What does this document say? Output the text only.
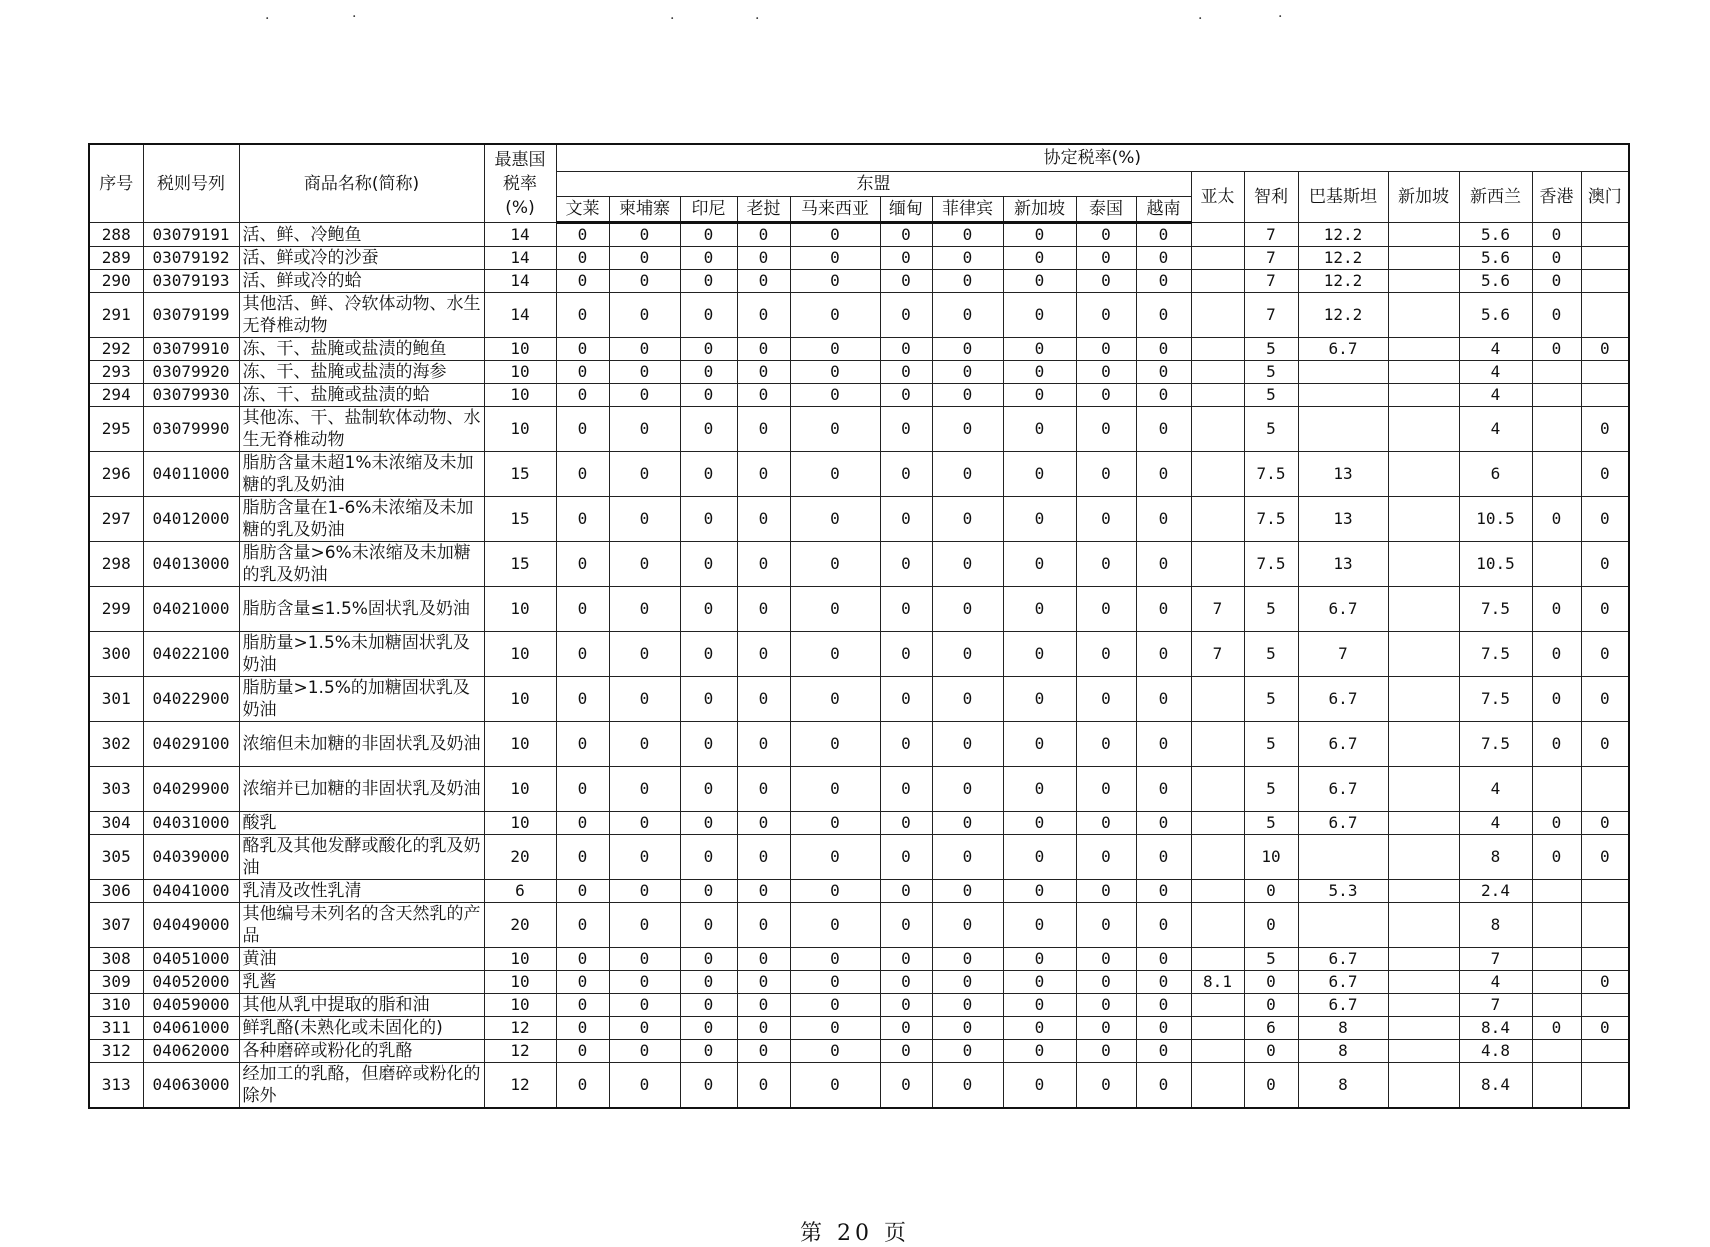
·	·	·	·	·	·
序号	税则号列	商品名称(简称)	最惠国
税率
(%)	协定税率(%)																
				东盟										亚太	智利	巴基斯坦	新加坡	新西兰	香港	澳门
				文莱	柬埔寨	印尼	老挝	马来西亚	缅甸	菲律宾	新加坡	泰国	越南							
288	03079191	活、鲜、冷鲍鱼	14	0	0	0	0	0	0	0	0	0	0		7	12.2		5.6	0	
289	03079192	活、鲜或冷的沙蚕	14	0	0	0	0	0	0	0	0	0	0		7	12.2		5.6	0	
290	03079193	活、鲜或冷的蛤	14	0	0	0	0	0	0	0	0	0	0		7	12.2		5.6	0	
291	03079199	其他活、鲜、冷软体动物、水生无脊椎动物	14	0	0	0	0	0	0	0	0	0	0		7	12.2		5.6	0	
292	03079910	冻、干、盐腌或盐渍的鲍鱼	10	0	0	0	0	0	0	0	0	0	0		5	6.7		4	0	0
293	03079920	冻、干、盐腌或盐渍的海参	10	0	0	0	0	0	0	0	0	0	0		5			4		
294	03079930	冻、干、盐腌或盐渍的蛤	10	0	0	0	0	0	0	0	0	0	0		5			4		
295	03079990	其他冻、干、盐制软体动物、水生无脊椎动物	10	0	0	0	0	0	0	0	0	0	0		5			4		0
296	04011000	脂肪含量未超1%未浓缩及未加糖的乳及奶油	15	0	0	0	0	0	0	0	0	0	0		7.5	13		6		0
297	04012000	脂肪含量在1-6%未浓缩及未加糖的乳及奶油	15	0	0	0	0	0	0	0	0	0	0		7.5	13		10.5	0	0
298	04013000	脂肪含量>6%未浓缩及未加糖的乳及奶油	15	0	0	0	0	0	0	0	0	0	0		7.5	13		10.5		0
299	04021000	脂肪含量≤1.5%固状乳及奶油	10	0	0	0	0	0	0	0	0	0	0	7	5	6.7		7.5	0	0
300	04022100	脂肪量>1.5%未加糖固状乳及奶油	10	0	0	0	0	0	0	0	0	0	0	7	5	7		7.5	0	0
301	04022900	脂肪量>1.5%的加糖固状乳及奶油	10	0	0	0	0	0	0	0	0	0	0		5	6.7		7.5	0	0
302	04029100	浓缩但未加糖的非固状乳及奶油	10	0	0	0	0	0	0	0	0	0	0		5	6.7		7.5	0	0
303	04029900	浓缩并已加糖的非固状乳及奶油	10	0	0	0	0	0	0	0	0	0	0		5	6.7		4		
304	04031000	酸乳	10	0	0	0	0	0	0	0	0	0	0		5	6.7		4	0	0
305	04039000	酪乳及其他发酵或酸化的乳及奶油	20	0	0	0	0	0	0	0	0	0	0		10			8	0	0
306	04041000	乳清及改性乳清	6	0	0	0	0	0	0	0	0	0	0		0	5.3		2.4		
307	04049000	其他编号未列名的含天然乳的产品	20	0	0	0	0	0	0	0	0	0	0		0			8		
308	04051000	黄油	10	0	0	0	0	0	0	0	0	0	0		5	6.7		7		
309	04052000	乳酱	10	0	0	0	0	0	0	0	0	0	0	8.1	0	6.7		4		0
310	04059000	其他从乳中提取的脂和油	10	0	0	0	0	0	0	0	0	0	0		0	6.7		7		
311	04061000	鲜乳酪(未熟化或未固化的)	12	0	0	0	0	0	0	0	0	0	0		6	8		8.4	0	0
312	04062000	各种磨碎或粉化的乳酪	12	0	0	0	0	0	0	0	0	0	0		0	8		4.8		
313	04063000	经加工的乳酪，但磨碎或粉化的除外	12	0	0	0	0	0	0	0	0	0	0		0	8		8.4		
第 20 页
